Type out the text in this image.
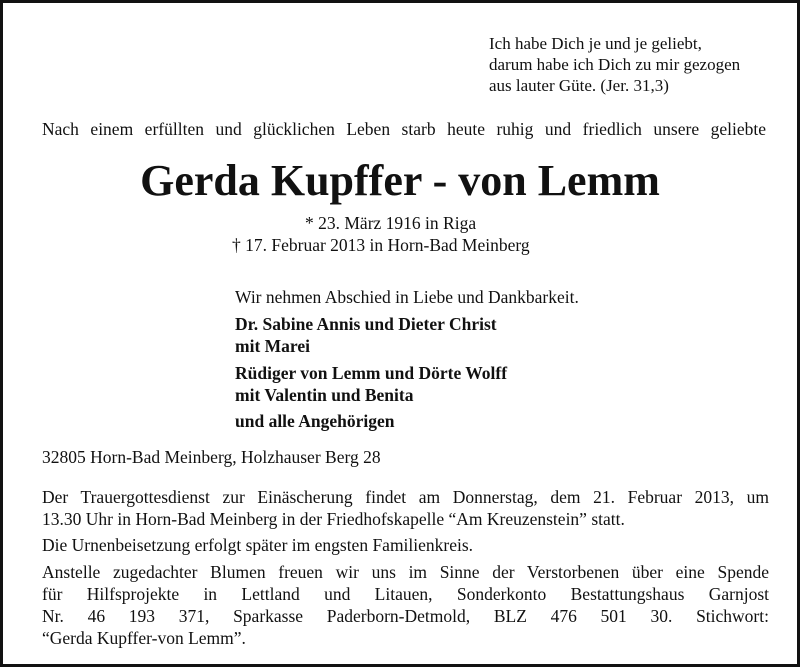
Ich habe Dich je und je geliebt,
darum habe ich Dich zu mir gezogen
aus lauter Güte. (Jer. 31,3)
Nach einem erfüllten und glücklichen Leben starb heute ruhig und friedlich unsere geliebte
Gerda Kupffer - von Lemm
* 23. März 1916 in Riga
† 17. Februar 2013 in Horn-Bad Meinberg
Wir nehmen Abschied in Liebe und Dankbarkeit.
Dr. Sabine Annis und Dieter Christ
mit Marei
Rüdiger von Lemm und Dörte Wolff
mit Valentin und Benita
und alle Angehörigen
32805 Horn-Bad Meinberg, Holzhauser Berg 28
Der Trauergottesdienst zur Einäscherung findet am Donnerstag, dem 21. Februar 2013, um
13.30 Uhr in Horn-Bad Meinberg in der Friedhofskapelle “Am Kreuzenstein” statt.
Die Urnenbeisetzung erfolgt später im engsten Familienkreis.
Anstelle zugedachter Blumen freuen wir uns im Sinne der Verstorbenen über eine Spende
für Hilfsprojekte in Lettland und Litauen, Sonderkonto Bestattungshaus Garnjost
Nr. 46 193 371, Sparkasse Paderborn-Detmold, BLZ 476 501 30. Stichwort:
“Gerda Kupffer-von Lemm”.
